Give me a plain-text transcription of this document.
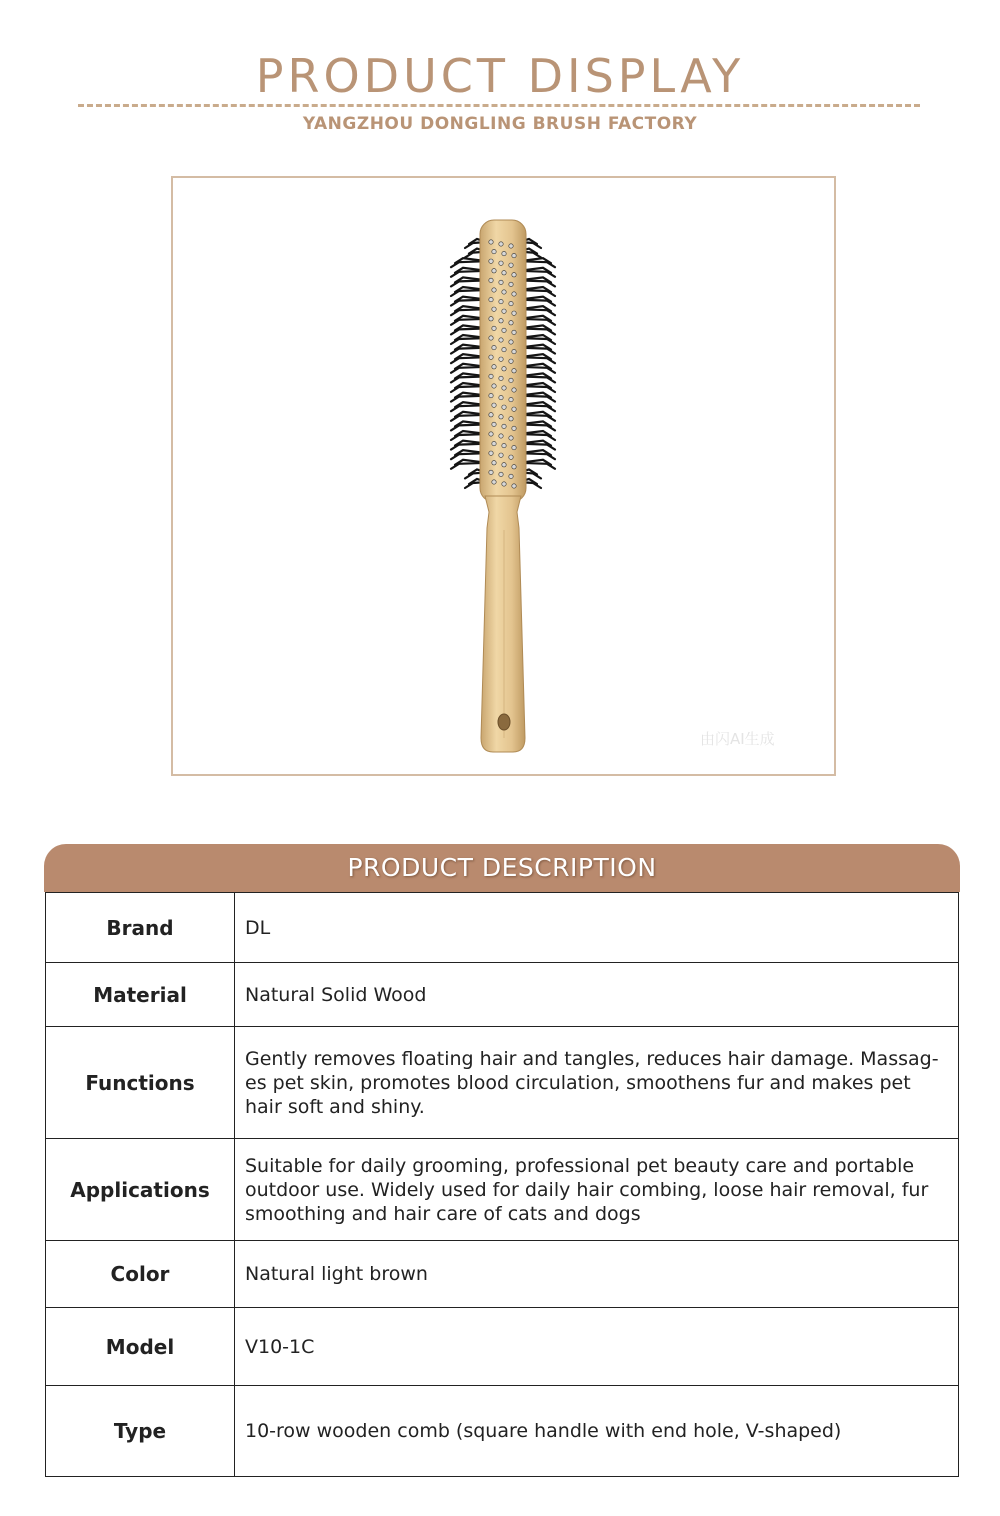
PRODUCT DISPLAY
YANGZHOU DONGLING BRUSH FACTORY
由闪AI生成
PRODUCT DESCRIPTION
Brand	DL
Material	Natural Solid Wood
Functions	Gently removes floating hair and tangles, reduces hair damage. Massag-es pet skin, promotes blood circulation, smoothens fur and makes pet hair soft and shiny.
Applications	Suitable for daily grooming, professional pet beauty care and portable outdoor use. Widely used for daily hair combing, loose hair removal, fur smoothing and hair care of cats and dogs
Color	Natural light brown
Model	V10-1C
Type	10-row wooden comb (square handle with end hole, V-shaped)
